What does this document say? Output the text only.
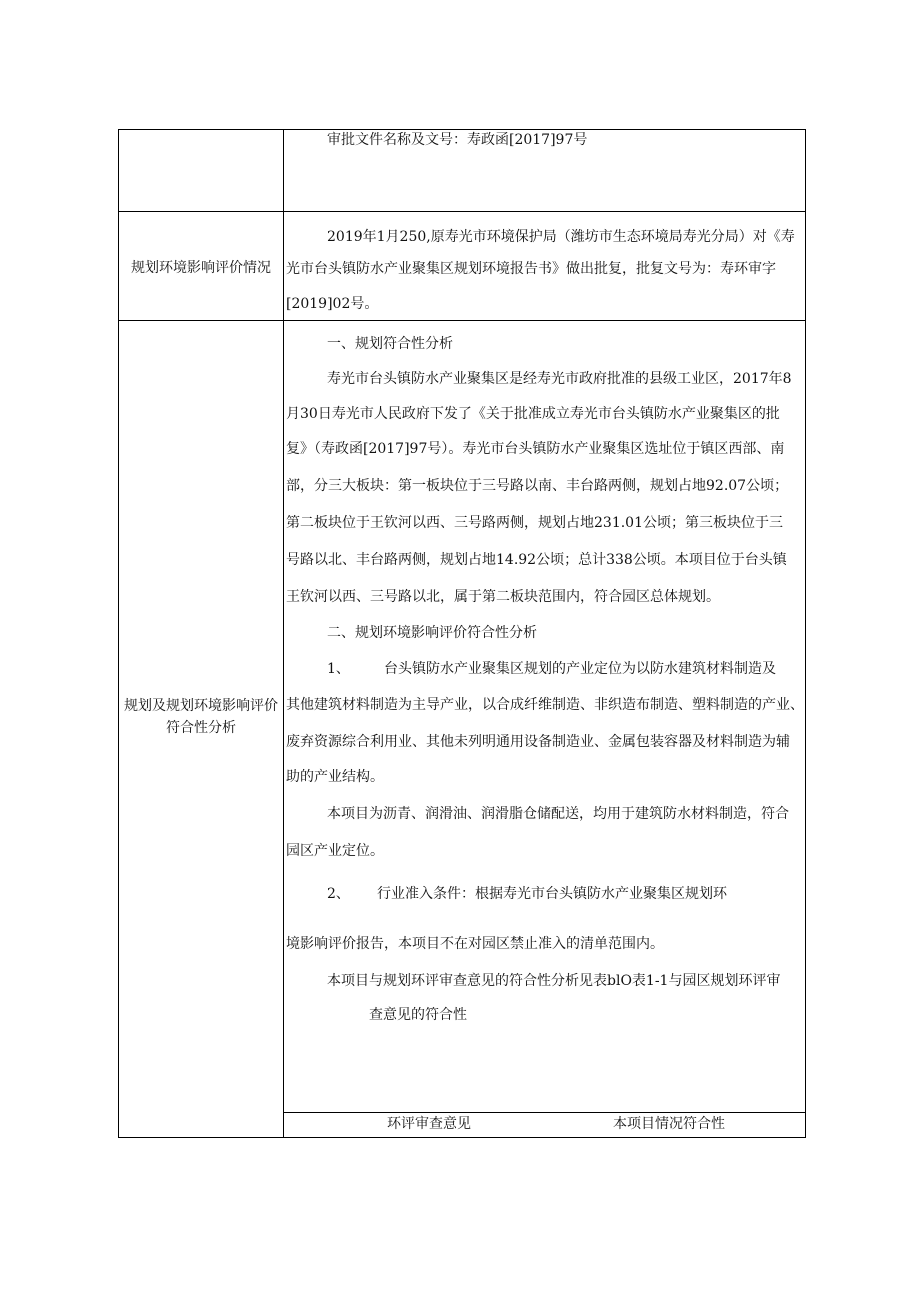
审批文件名称及文号：寿政函[2017]97号
规划环境影响评价情况
2019年1月250,原寿光市环境保护局（潍坊市生态环境局寿光分局）对《寿
光市台头镇防水产业聚集区规划环境报告书》做出批复，批复文号为：寿环审字
[2019]02号。
规划及规划环境影响评价
符合性分析
一、规划符合性分析
寿光市台头镇防水产业聚集区是经寿光市政府批准的县级工业区，2017年8
月30日寿光市人民政府下发了《关于批准成立寿光市台头镇防水产业聚集区的批
复》（寿政函[2017]97号）。寿光市台头镇防水产业聚集区选址位于镇区西部、南
部，分三大板块：第一板块位于三号路以南、丰台路两侧，规划占地92.07公顷；
第二板块位于王钦河以西、三号路两侧，规划占地231.01公顷；第三板块位于三
号路以北、丰台路两侧，规划占地14.92公顷；总计338公顷。本项目位于台头镇
王钦河以西、三号路以北，属于第二板块范围内，符合园区总体规划。
二、规划环境影响评价符合性分析
1、 台头镇防水产业聚集区规划的产业定位为以防水建筑材料制造及
其他建筑材料制造为主导产业，以合成纤维制造、非织造布制造、塑料制造的产业、
废弃资源综合利用业、其他未列明通用设备制造业、金属包装容器及材料制造为辅
助的产业结构。
本项目为沥青、润滑油、润滑脂仓储配送，均用于建筑防水材料制造，符合
园区产业定位。
2、 行业准入条件：根据寿光市台头镇防水产业聚集区规划环
境影响评价报告，本项目不在对园区禁止准入的清单范围内。
本项目与规划环评审查意见的符合性分析见表blO表1-1与园区规划环评审
查意见的符合性
环评审查意见	本项目情况符合性
